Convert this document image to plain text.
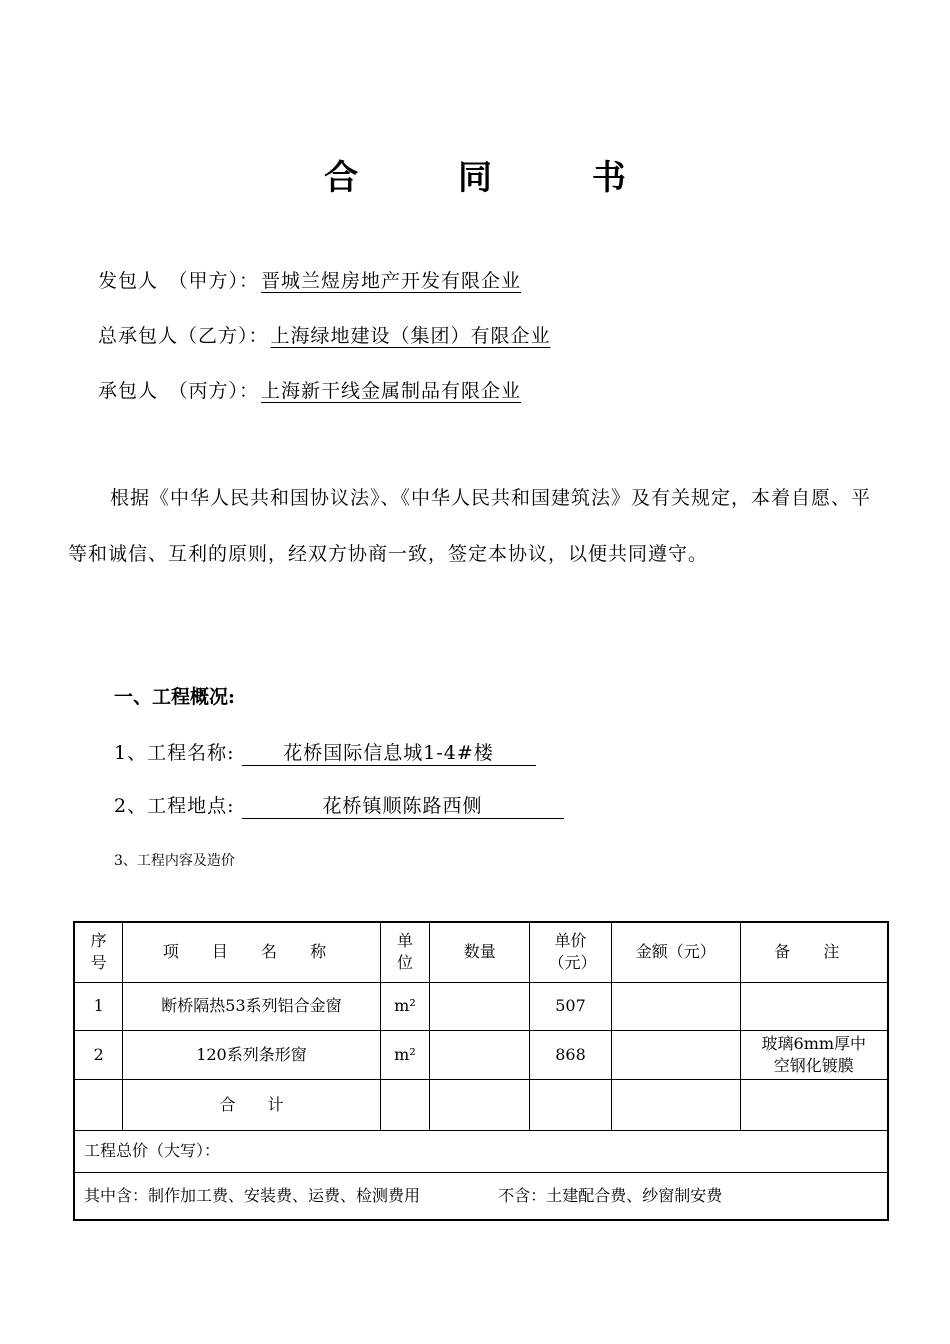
合 同 书
发包人　（甲方）： 晋城兰煜房地产开发有限企业
总承包人（乙方）： 上海绿地建设（集团）有限企业
承包人　（丙方）： 上海新干线金属制品有限企业
根据《中华人民共和国协议法》、《中华人民共和国建筑法》及有关规定，本着自愿、平等和诚信、互利的原则，经双方协商一致，签定本协议，以便共同遵守。
一、工程概况:
1、工程名称:	花桥国际信息城1-4#楼
2、工程地点:	花桥镇顺陈路西侧
3、工程内容及造价
序号	项 目 名 称	单位	数量	单价（元）	金额（元）	备 注
1	断桥隔热53系列铝合金窗	m²		507		
2	120系列条形窗	m²		868		玻璃6mm厚中空钢化镀膜

	合　　计					
工程总价（大写）：						
其中含：制作加工费、安装费、运费、检测费用 不含：土建配合费、纱窗制安费						
